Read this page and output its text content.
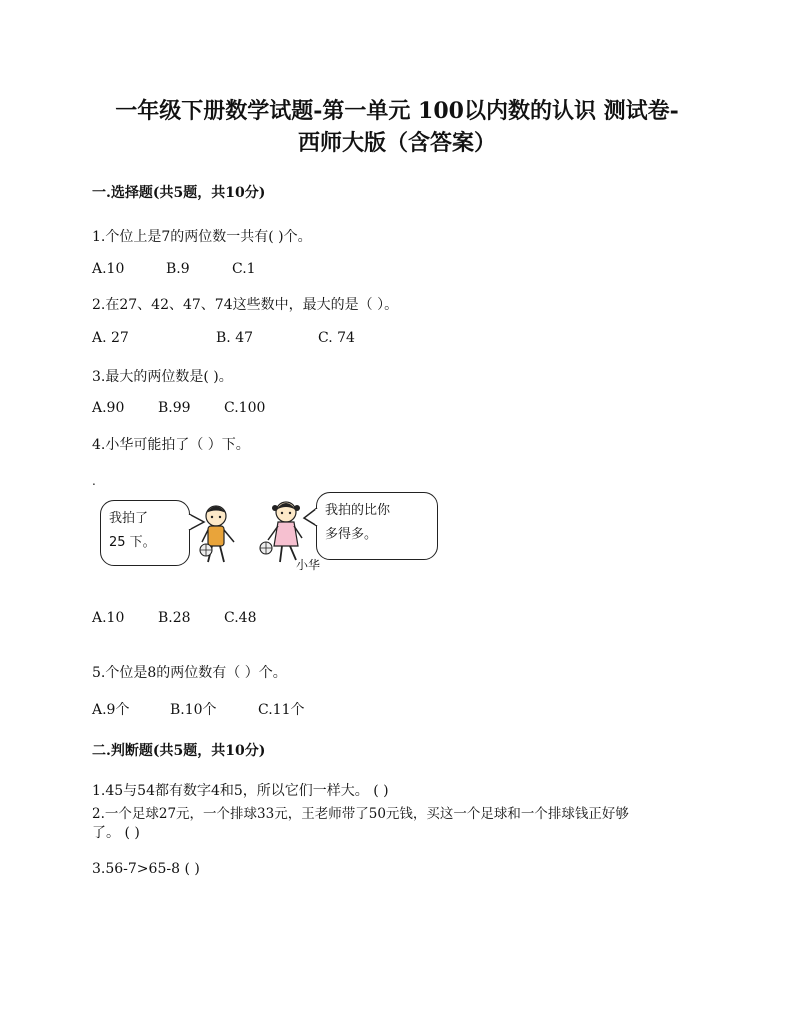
一年级下册数学试题-第一单元 100以内数的认识 测试卷-
西师大版（含答案）
一.选择题(共5题，共10分)
1.个位上是7的两位数一共有( )个。
A.10	B.9	C.1
2.在27、42、47、74这些数中，最大的是（ ）。
A. 27	B. 47	C. 74
3.最大的两位数是( )。
A.90 B.99 C.100
4.小华可能拍了（ ）下。
.
我拍了
25 下。
我拍的比你
多得多。
小华
A.10 B.28 C.48
5.个位是8的两位数有（ ）个。
A.9个	B.10个	C.11个
二.判断题(共5题，共10分)
1.45与54都有数字4和5，所以它们一样大。 ( )
2.一个足球27元，一个排球33元，王老师带了50元钱，买这一个足球和一个排球钱正好够
了。 ( )
3.56-7>65-8 ( )
